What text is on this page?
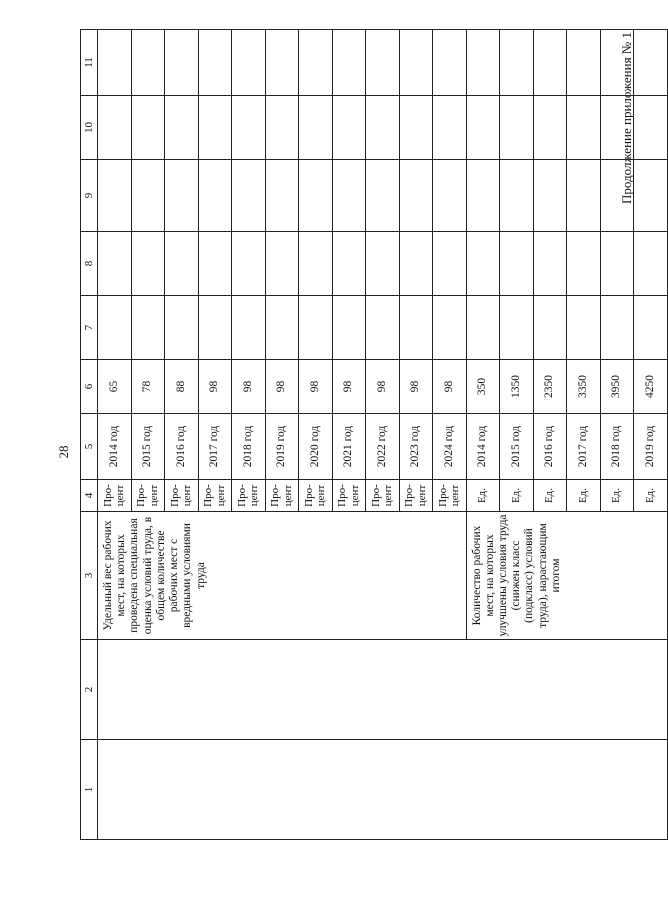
28
Продолжение приложения № 1
1	2	3	4	5	6	7	8	9	10	11
		Удельный вес рабочих мест, на которых проведена специальная оценка условий труда, в общем количестве рабочих мест с вредными условиями труда	Про-цент	2014 год	65					
			Про-цент	2015 год	78					
			Про-цент	2016 год	88					
			Про-цент	2017 год	98					
			Про-цент	2018 год	98					
			Про-цент	2019 год	98					
			Про-цент	2020 год	98					
			Про-цент	2021 год	98					
			Про-цент	2022 год	98					
			Про-цент	2023 год	98					
			Про-цент	2024 год	98					
		Количество рабочих мест, на которых улучшены условия труда (снижен класс (подкласс) условий труда), нарастающим итогом	Ед.	2014 год	350					
			Ед.	2015 год	1350					
			Ед.	2016 год	2350					
			Ед.	2017 год	3350					
			Ед.	2018 год	3950					
			Ед.	2019 год	4250					
